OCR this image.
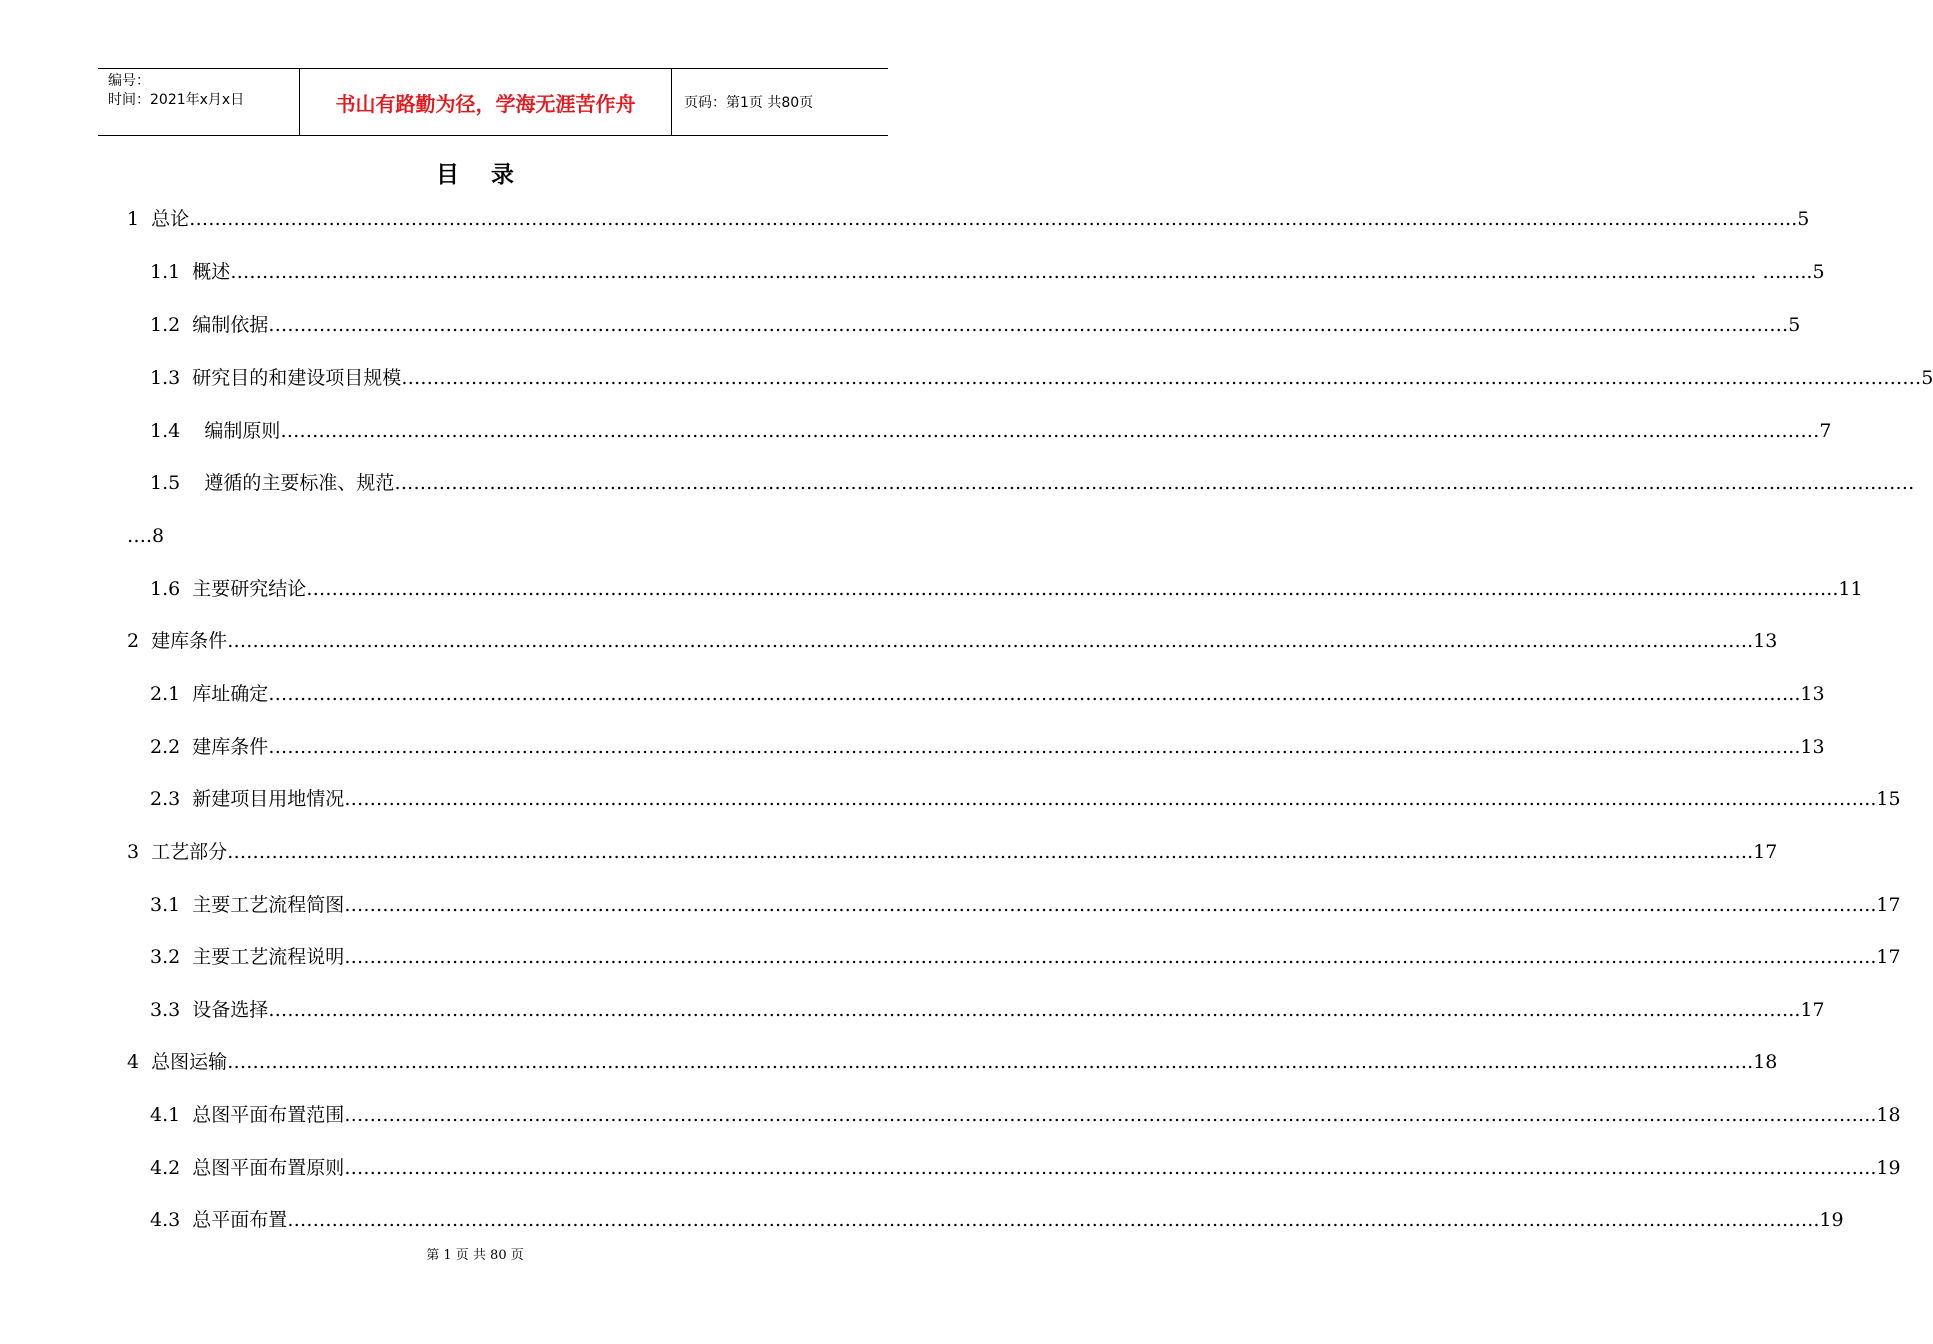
编号：
时间：2021年x月x日	书山有路勤为径，学海无涯苦作舟	页码：第1页 共80页
目    录
1  总论 …………………………………………………………………………………………………………………………………………………………………………………………………………………… …………..5
1.1  概述 …………………………………………………………………………………………………………………………………………………………………………………………………………………… . ……..5
1.2  编制依据 …………………………………………………………………………………………………………………………………………………………………………………………………………………… 5
1.3  研究目的和建设项目规模 …………………………………………………………………………………………………………………………………………………………………………………………………………………… 5
1.4    编制原则 …………………………………………………………………………………………………………………………………………………………………………………………………………………… …7
1.5    遵循的主要标准、规范 ……………………………………………………………………………………………………………………………………………………………………………………………………………………
….8
1.6  主要研究结论 …………………………………………………………………………………………………………………………………………………………………………………………………………………… ..11
2  建库条件 …………………………………………………………………………………………………………………………………………………………………………………………………………………… .13
2.1  库址确定 …………………………………………………………………………………………………………………………………………………………………………………………………………………… ..13
2.2  建库条件 …………………………………………………………………………………………………………………………………………………………………………………………………………………… ..13
2.3  新建项目用地情况 …………………………………………………………………………………………………………………………………………………………………………………………………………………… ..15
3  工艺部分 …………………………………………………………………………………………………………………………………………………………………………………………………………………… .17
3.1  主要工艺流程简图 …………………………………………………………………………………………………………………………………………………………………………………………………………………… ..17
3.2  主要工艺流程说明 …………………………………………………………………………………………………………………………………………………………………………………………………………………… ..17
3.3  设备选择 …………………………………………………………………………………………………………………………………………………………………………………………………………………… ..17
4  总图运输 …………………………………………………………………………………………………………………………………………………………………………………………………………………… .18
4.1  总图平面布置范围 …………………………………………………………………………………………………………………………………………………………………………………………………………………… ..18
4.2  总图平面布置原则 …………………………………………………………………………………………………………………………………………………………………………………………………………………… ..19
4.3  总平面布置 …………………………………………………………………………………………………………………………………………………………………………………………………………………… ..19
第 1 页 共 80 页
